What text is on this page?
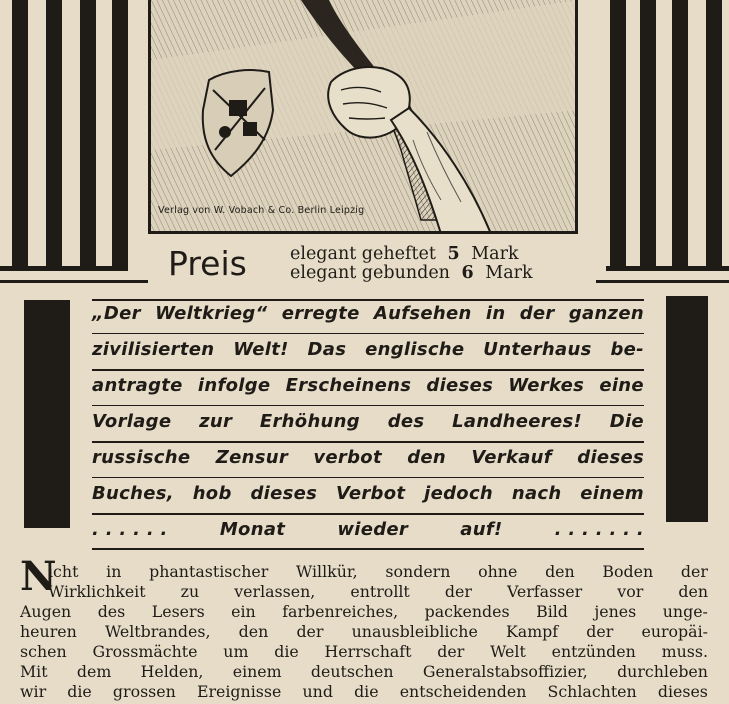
Verlag von W. Vobach & Co. Berlin Leipzig
Preis elegant geheftet 5 Mark
elegant gebunden 6 Mark
„Der Weltkrieg“ erregte Aufsehen in der ganzen
zivilisierten Welt! Das englische Unterhaus be-
antragte infolge Erscheinens dieses Werkes eine
Vorlage zur Erhöhung des Landheeres! Die
russische Zensur verbot den Verkauf dieses
Buches, hob dieses Verbot jedoch nach einem
. . . . . .	Monat	wieder	auf!	. . . . . . .
N
icht in phantastischer Willkür, sondern ohne den Boden der
Wirklichkeit zu verlassen, entrollt der Verfasser vor den
Augen des Lesers ein farbenreiches, packendes Bild jenes unge-
heuren Weltbrandes, den der unausbleibliche Kampf der europäi-
schen Grossmächte um die Herrschaft der Welt entzünden muss.
Mit dem Helden, einem deutschen Generalstabsoffizier, durchleben
wir die grossen Ereignisse und die entscheidenden Schlachten dieses
